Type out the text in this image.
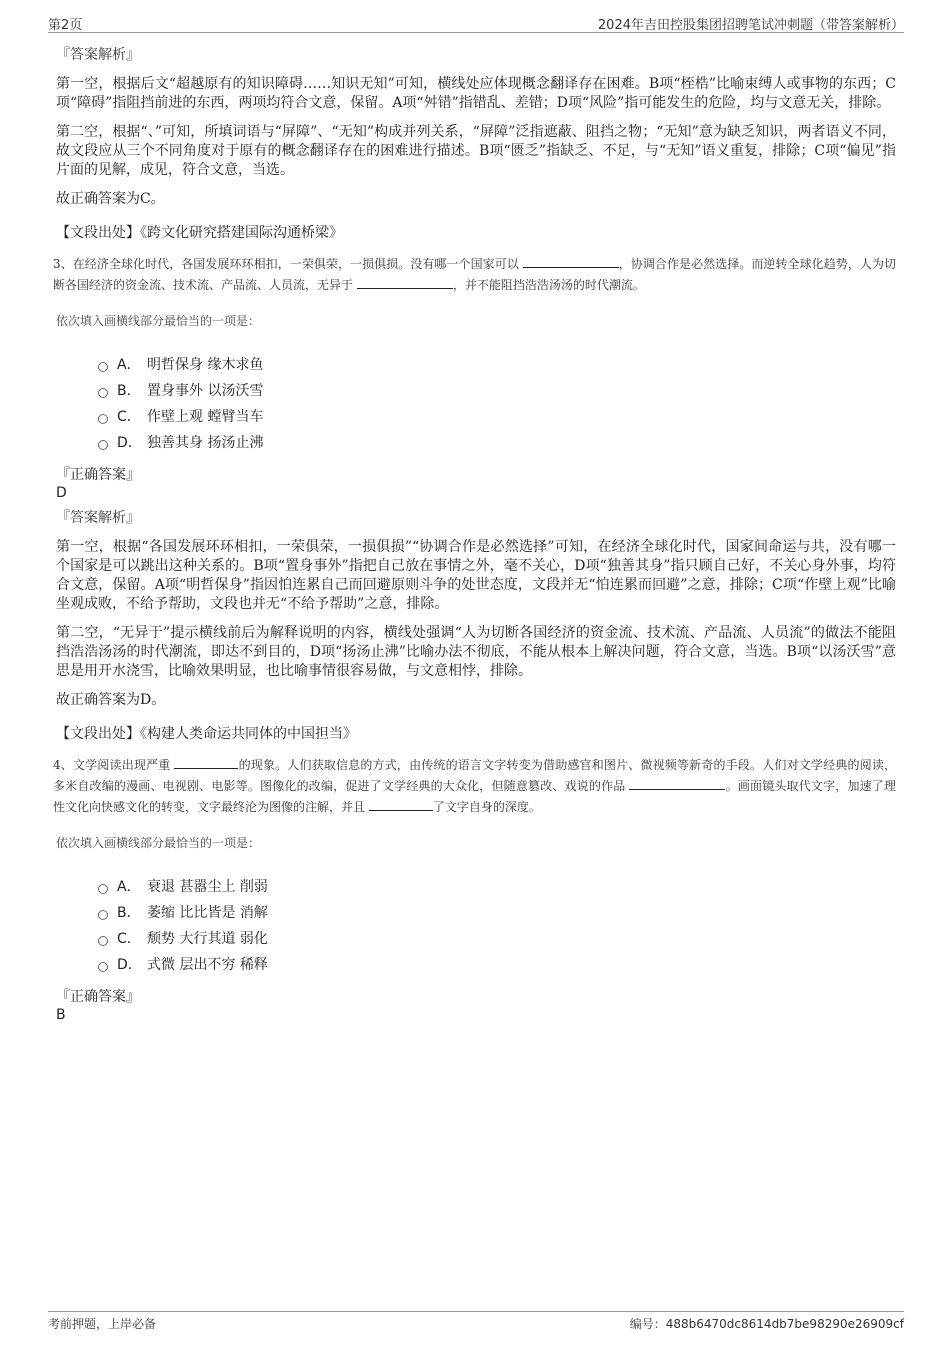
第2页	2024年吉田控股集团招聘笔试冲刺题（带答案解析）
『答案解析』

第一空，根据后文“超越原有的知识障碍……知识无知”可知，横线处应体现概念翻译存在困难。B项“桎梏”比喻束缚人或事物的东西；C项“障碍”指阻挡前进的东西，两项均符合文意，保留。A项“舛错”指错乱、差错；D项“风险”指可能发生的危险，均与文意无关，排除。

第二空，根据“、”可知，所填词语与“屏障”、“无知”构成并列关系，“屏障”泛指遮蔽、阻挡之物；“无知”意为缺乏知识，两者语义不同，故文段应从三个不同角度对于原有的概念翻译存在的困难进行描述。B项“匮乏”指缺乏、不足，与“无知”语义重复，排除；C项“偏见”指片面的见解，成见，符合文意，当选。

故正确答案为C。

【文段出处】《跨文化研究搭建国际沟通桥梁》

3、在经济全球化时代，各国发展环环相扣，一荣俱荣，一损俱损。没有哪一个国家可以	，协调合作是必然选择。而逆转全球化趋势，人为切断各国经济的资金流、技术流、产品流、人员流，无异于	，并不能阻挡浩浩汤汤的时代潮流。

依次填入画横线部分最恰当的一项是：
A． 明哲保身 缘木求鱼
B． 置身事外 以汤沃雪
C． 作壁上观 螳臂当车
D． 独善其身 扬汤止沸
『正确答案』
D
『答案解析』

第一空，根据“各国发展环环相扣，一荣俱荣，一损俱损”“协调合作是必然选择”可知，在经济全球化时代，国家间命运与共，没有哪一个国家是可以跳出这种关系的。B项“置身事外”指把自己放在事情之外，毫不关心，D项“独善其身”指只顾自己好，不关心身外事，均符合文意，保留。A项“明哲保身”指因怕连累自己而回避原则斗争的处世态度，文段并无“怕连累而回避”之意，排除；C项“作壁上观”比喻坐观成败，不给予帮助，文段也并无“不给予帮助”之意，排除。

第二空，“无异于”提示横线前后为解释说明的内容，横线处强调“人为切断各国经济的资金流、技术流、产品流、人员流”的做法不能阻挡浩浩汤汤的时代潮流，即达不到目的，D项“扬汤止沸”比喻办法不彻底，不能从根本上解决问题，符合文意，当选。B项“以汤沃雪”意思是用开水浇雪，比喻效果明显，也比喻事情很容易做，与文意相悖，排除。

故正确答案为D。

【文段出处】《构建人类命运共同体的中国担当》

4、文学阅读出现严重	的现象。人们获取信息的方式，由传统的语言文字转变为借助感官和图片、微视频等新奇的手段。人们对文学经典的阅读，多米自改编的漫画、电视剧、电影等。图像化的改编，促进了文学经典的大众化，但随意篡改、戏说的作品	。画面镜头取代文字，加速了理性文化向快感文化的转变，文字最终沦为图像的注解，并且	了文字自身的深度。

依次填入画横线部分最恰当的一项是：
A． 衰退 甚嚣尘上 削弱
B． 萎缩 比比皆是 消解
C． 颓势 大行其道 弱化
D． 式微 层出不穷 稀释
『正确答案』
B
考前押题，上岸必备	编号：488b6470dc8614db7be98290e26909cf
